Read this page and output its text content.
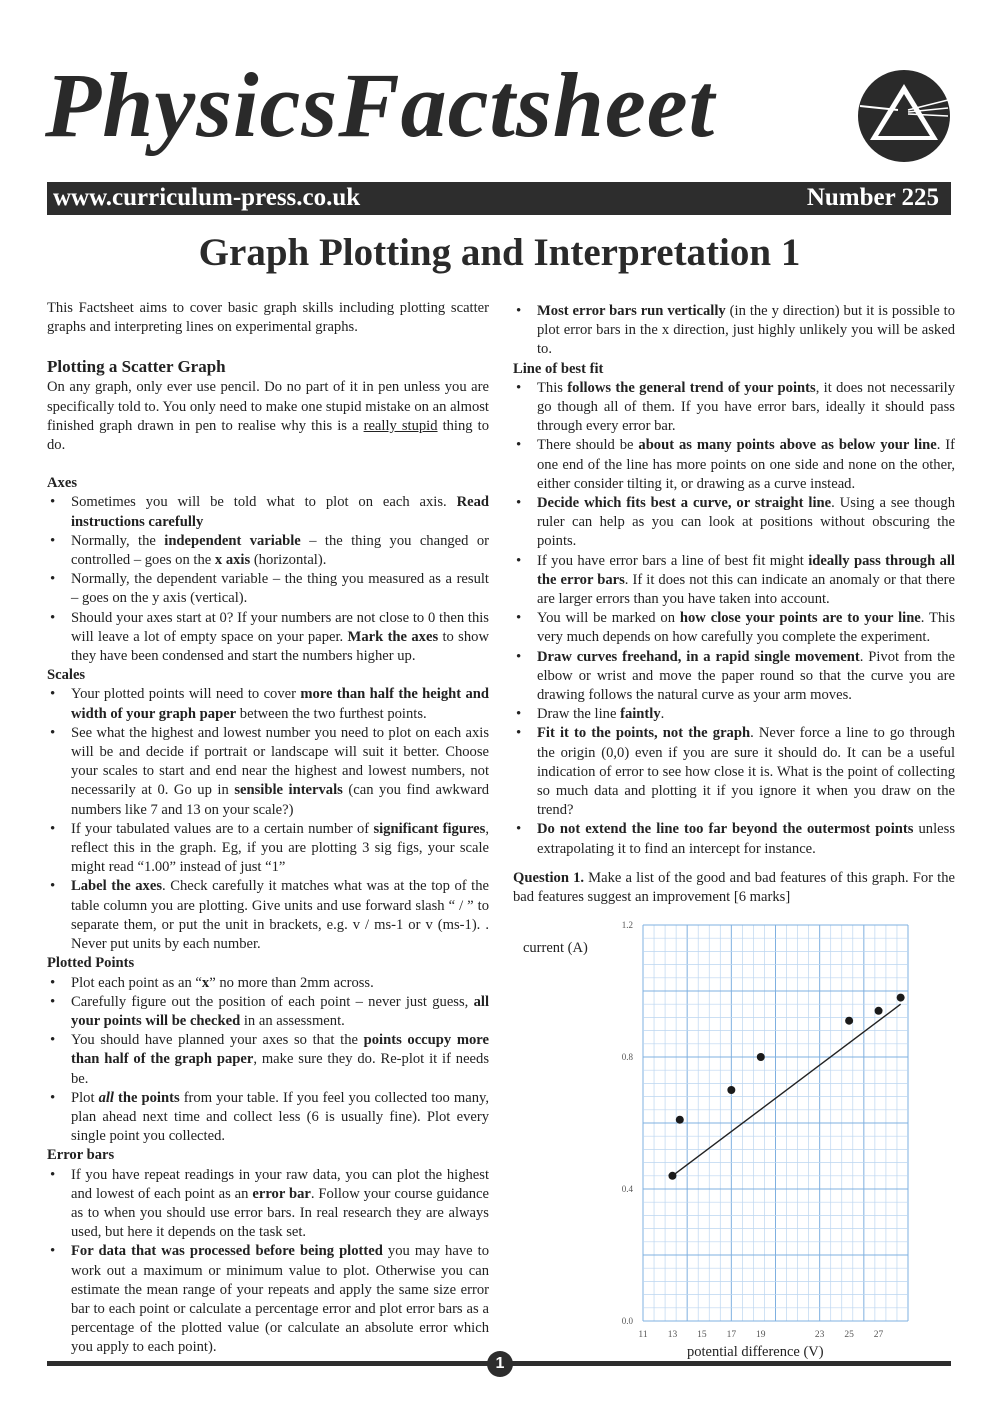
PhysicsFactsheet
www.curriculum-press.co.uk	Number 225
Graph Plotting and Interpretation 1

This Factsheet aims to cover basic graph skills including plotting scatter graphs and interpreting lines on experimental graphs.

Plotting a Scatter Graph

On any graph, only ever use pencil. Do no part of it in pen unless you are specifically told to. You only need to make one stupid mistake on an almost finished graph drawn in pen to realise why this is a really stupid thing to do.

Axes
• Sometimes you will be told what to plot on each axis. Read instructions carefully
• Normally, the independent variable – the thing you changed or controlled – goes on the x axis (horizontal).
• Normally, the dependent variable – the thing you measured as a result – goes on the y axis (vertical).
• Should your axes start at 0? If your numbers are not close to 0 then this will leave a lot of empty space on your paper. Mark the axes to show they have been condensed and start the numbers higher up.
Scales
• Your plotted points will need to cover more than half the height and width of your graph paper between the two furthest points.
• See what the highest and lowest number you need to plot on each axis will be and decide if portrait or landscape will suit it better. Choose your scales to start and end near the highest and lowest numbers, not necessarily at 0. Go up in sensible intervals (can you find awkward numbers like 7 and 13 on your scale?)
• If your tabulated values are to a certain number of significant figures, reflect this in the graph. Eg, if you are plotting 3 sig figs, your scale might read “1.00” instead of just “1”
• Label the axes. Check carefully it matches what was at the top of the table column you are plotting. Give units and use forward slash “ / ” to separate them, or put the unit in brackets, e.g. v / ms-1 or v (ms-1). . Never put units by each number.
Plotted Points
• Plot each point as an “x” no more than 2mm across.
• Carefully figure out the position of each point – never just guess, all your points will be checked in an assessment.
• You should have planned your axes so that the points occupy more than half of the graph paper, make sure they do. Re-plot it if needs be.
• Plot all the points from your table. If you feel you collected too many, plan ahead next time and collect less (6 is usually fine). Plot every single point you collected.
Error bars
• If you have repeat readings in your raw data, you can plot the highest and lowest of each point as an error bar. Follow your course guidance as to when you should use error bars. In real research they are always used, but here it depends on the task set.
• For data that was processed before being plotted you may have to work out a maximum or minimum value to plot. Otherwise you can estimate the mean range of your repeats and apply the same size error bar to each point or calculate a percentage error and plot error bars as a percentage of the plotted value (or calculate an absolute error which you apply to each point).
• Most error bars run vertically (in the y direction) but it is possible to plot error bars in the x direction, just highly unlikely you will be asked to.
Line of best fit
• This follows the general trend of your points, it does not necessarily go though all of them. If you have error bars, ideally it should pass through every error bar.
• There should be about as many points above as below your line. If one end of the line has more points on one side and none on the other, either consider tilting it, or drawing as a curve instead.
• Decide which fits best a curve, or straight line. Using a see though ruler can help as you can look at positions without obscuring the points.
• If you have error bars a line of best fit might ideally pass through all the error bars. If it does not this can indicate an anomaly or that there are larger errors than you have taken into account.
• You will be marked on how close your points are to your line. This very much depends on how carefully you complete the experiment.
• Draw curves freehand, in a rapid single movement. Pivot from the elbow or wrist and move the paper round so that the curve you are drawing follows the natural curve as your arm moves.
• Draw the line faintly.
• Fit it to the points, not the graph. Never force a line to go through the origin (0,0) even if you are sure it should do. It can be a useful indication of error to see how close it is. What is the point of collecting so much data and plotting it if you ignore it when you draw on the trend?
• Do not extend the line too far beyond the outermost points unless extrapolating it to find an intercept for instance.

Question 1. Make a list of the good and bad features of this graph. For the bad features suggest an improvement [6 marks]

0.0
0.4
0.8
1.2
11 13 15 17 19	23 25 27
current (A)
potential difference (V)
1
